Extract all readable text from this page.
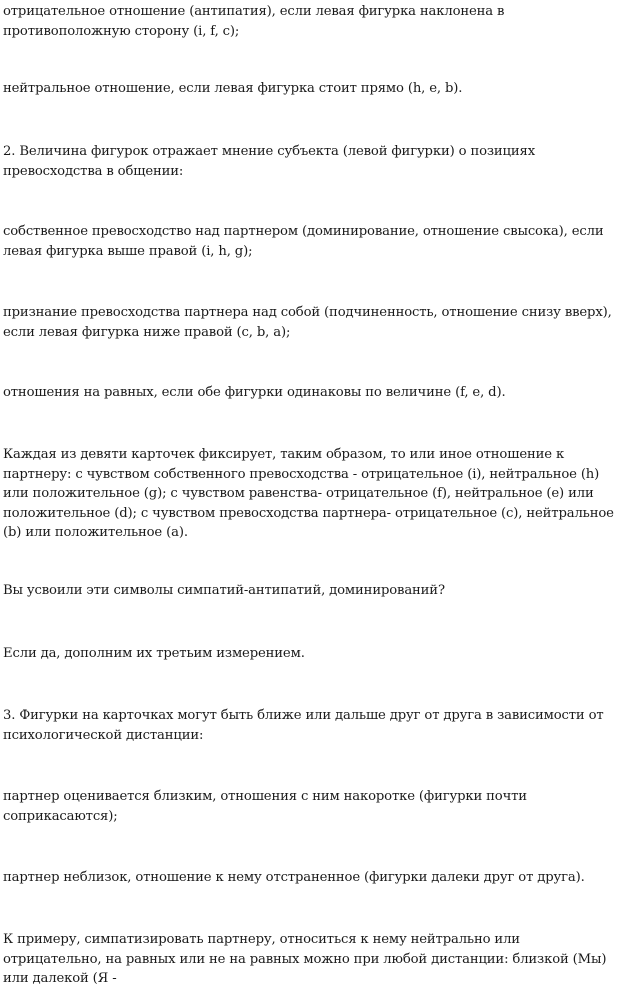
отрицательное отношение (антипатия), если левая фигурка наклонена в противоположную сторону (i, f, c);

нейтральное отношение, если левая фигурка стоит прямо (h, e, b).

2. Величина фигурок отражает мнение субъекта (левой фигурки) о позициях превосходства в общении:

собственное превосходство над партнером (доминирование, отношение свысока), если левая фигурка выше правой (i, h, g);

признание превосходства партнера над собой (подчиненность, отношение снизу вверх), если левая фигурка ниже правой (c, b, a);

отношения на равных, если обе фигурки одинаковы по величине (f, e, d).

Каждая из девяти карточек фиксирует, таким образом, то или иное отношение к партнеру: с чувством собственного превосходства - отрицательное (i), нейтральное (h) или положительное (g); с чувством равенства- отрицательное (f), нейтральное (e) или положительное (d); с чувством превосходства партнера- отрицательное (c), нейтральное (b) или положительное (a).

Вы усвоили эти символы симпатий-антипатий, доминирований?

Если да, дополним их третьим измерением.

3. Фигурки на карточках могут быть ближе или дальше друг от друга в зависимости от психологической дистанции:

партнер оценивается близким, отношения с ним накоротке (фигурки почти соприкасаются);

партнер неблизок, отношение к нему отстраненное (фигурки далеки друг от друга).

К примеру, симпатизировать партнеру, относиться к нему нейтрально или отрицательно, на равных или не на равных можно при любой дистанции: близкой (Мы) или далекой (Я -
